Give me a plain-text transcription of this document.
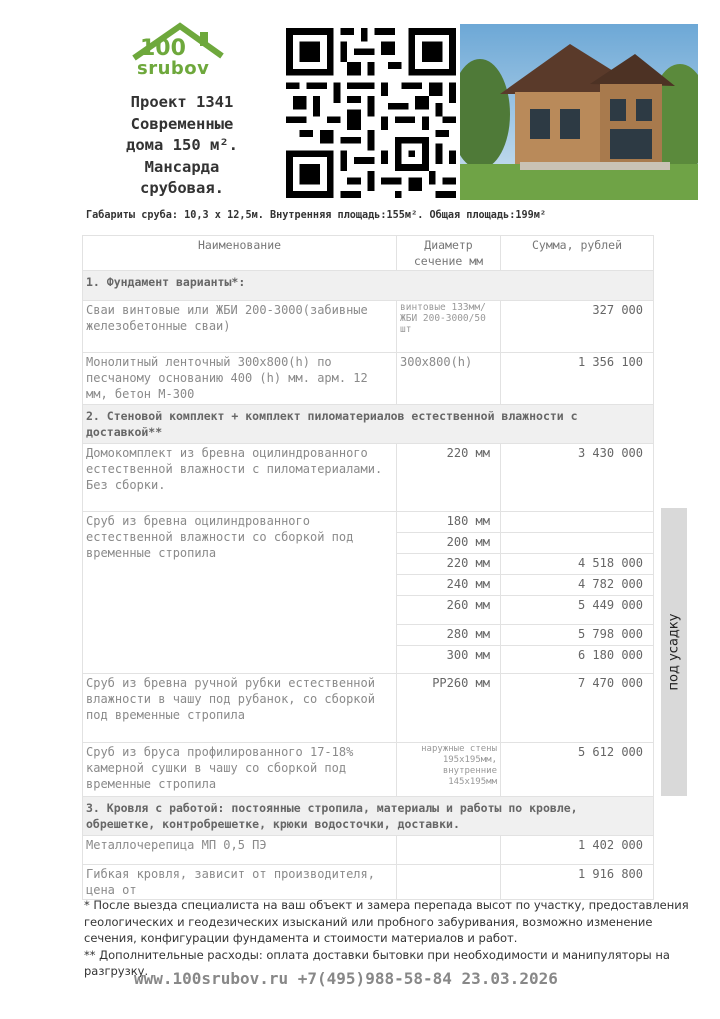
100
srubov
Проект 1341
Современные
дома 150 м².
Мансарда
срубовая.
Габариты сруба: 10,3 х 12,5м. Внутренняя площадь:155м². Общая площадь:199м²
Наименование	Диаметр сечение мм	Сумма, рублей
1. Фундамент варианты*:		
Сваи винтовые или ЖБИ 200-3000(забивные железобетонные сваи)	винтовые 133мм/ЖБИ 200-3000/50 шт	327 000
Монолитный ленточный 300х800(h) по песчаному основанию 400 (h) мм. арм. 12 мм, бетон М-300	300х800(h)	1 356 100
2. Стеновой комплект + комплект пиломатериалов естественной влажности с доставкой**		
Домокомплект из бревна оцилиндрованного естественной влажности с пиломатериалами. Без сборки.	220 мм	3 430 000
Сруб из бревна оцилиндрованного естественной влажности со сборкой под временные стропила	180 мм	
	200 мм	
	220 мм	4 518 000
	240 мм	4 782 000
	260 мм	5 449 000
	280 мм	5 798 000
	300 мм	6 180 000
Сруб из бревна ручной рубки естественной влажности в чашу под рубанок, со сборкой под временные стропила	РР260 мм	7 470 000
Сруб из бруса профилированного 17-18% камерной сушки в чашу со сборкой под временные стропила	наружные стены 195х195мм, внутренние 145х195мм	5 612 000
3. Кровля с работой: постоянные стропила, материалы и работы по кровле, обрешетке, контробрешетке, крюки водосточки, доставки.		
Металлочерепица МП 0,5 ПЭ		1 402 000
Гибкая кровля, зависит от производителя, цена от		1 916 800
под усадку
* После выезда специалиста на ваш объект и замера перепада высот по участку, предоставления геологических и геодезических изысканий или пробного забуривания, возможно изменение сечения, конфигурации фундамента и стоимости материалов и работ.
** Дополнительные расходы: оплата доставки бытовки при необходимости и манипуляторы на разгрузку.
www.100srubov.ru +7(495)988-58-84 23.03.2026
